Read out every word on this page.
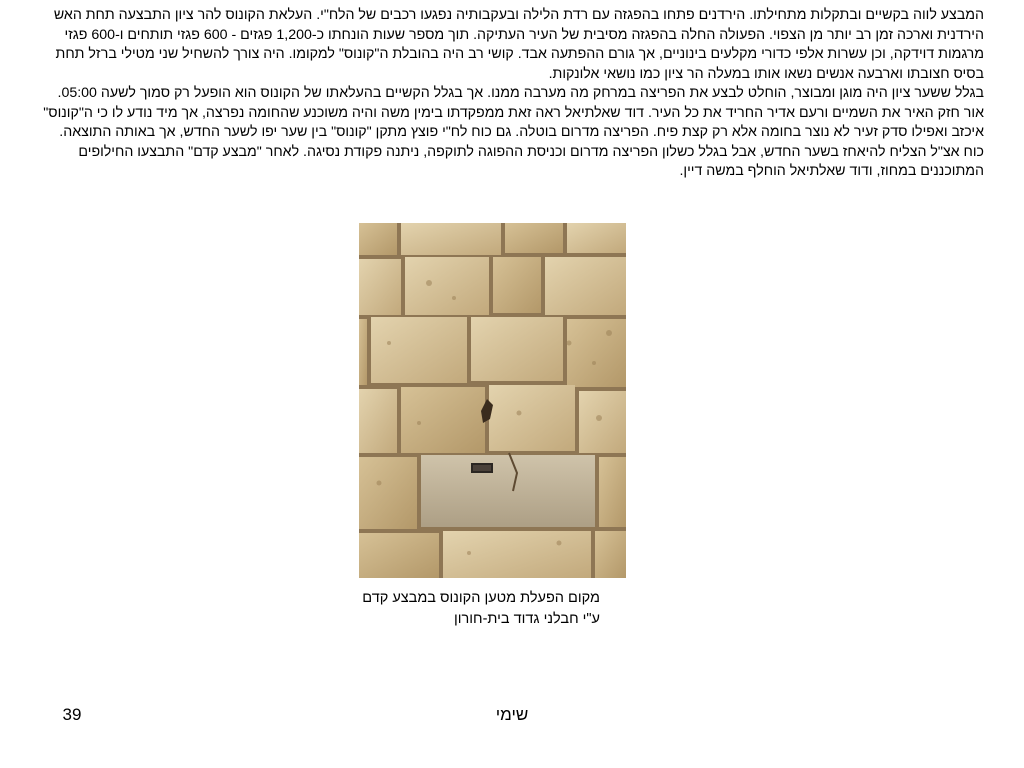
המבצע לווה בקשיים ובתקלות מתחילתו. הירדנים פתחו בהפגזה עם רדת הלילה ובעקבותיה נפגעו רכבים של הלח"י. העלאת הקונוס להר ציון התבצעה תחת האש הירדנית וארכה זמן רב יותר מן הצפוי. הפעולה החלה בהפגזה מסיבית של העיר העתיקה. תוך מספר שעות הונחתו כ-1,200 פגזים - 600 פגזי תותחים ו-600 פגזי מרגמות דוידקה, וכן עשרות אלפי כדורי מקלעים בינוניים, אך גורם ההפתעה אבד. קושי רב היה בהובלת ה"קונוס" למקומו. היה צורך להשחיל שני מטילי ברזל תחת בסיס חצובתו וארבעה אנשים נשאו אותו במעלה הר ציון כמו נושאי אלונקות.

בגלל ששער ציון היה מוגן ומבוצר, הוחלט לבצע את הפריצה במרחק מה מערבה ממנו. אך בגלל הקשיים בהעלאתו של הקונוס הוא הופעל רק סמוך לשעה 05:00. אור חזק האיר את השמיים ורעם אדיר החריד את כל העיר. דוד שאלתיאל ראה זאת ממפקדתו בימין משה והיה משוכנע שהחומה נפרצה, אך מיד נודע לו כי ה"קונוס" איכזב ואפילו סדק זעיר לא נוצר בחומה אלא רק קצת פיח. הפריצה מדרום בוטלה. גם כוח לח"י פוצץ מתקן "קונוס" בין שער יפו לשער החדש, אך באותה התוצאה. כוח אצ"ל הצליח להיאחז בשער החדש, אבל בגלל כשלון הפריצה מדרום וכניסת ההפוגה לתוקפה, ניתנה פקודת נסיגה. לאחר "מבצע קדם" התבצעו החילופים המתוכננים במחוז, ודוד שאלתיאל הוחלף במשה דיין.

מקום הפעלת מטען הקונוס במבצע קדם
ע"י חבלני גדוד בית-חורון
שימי
39
